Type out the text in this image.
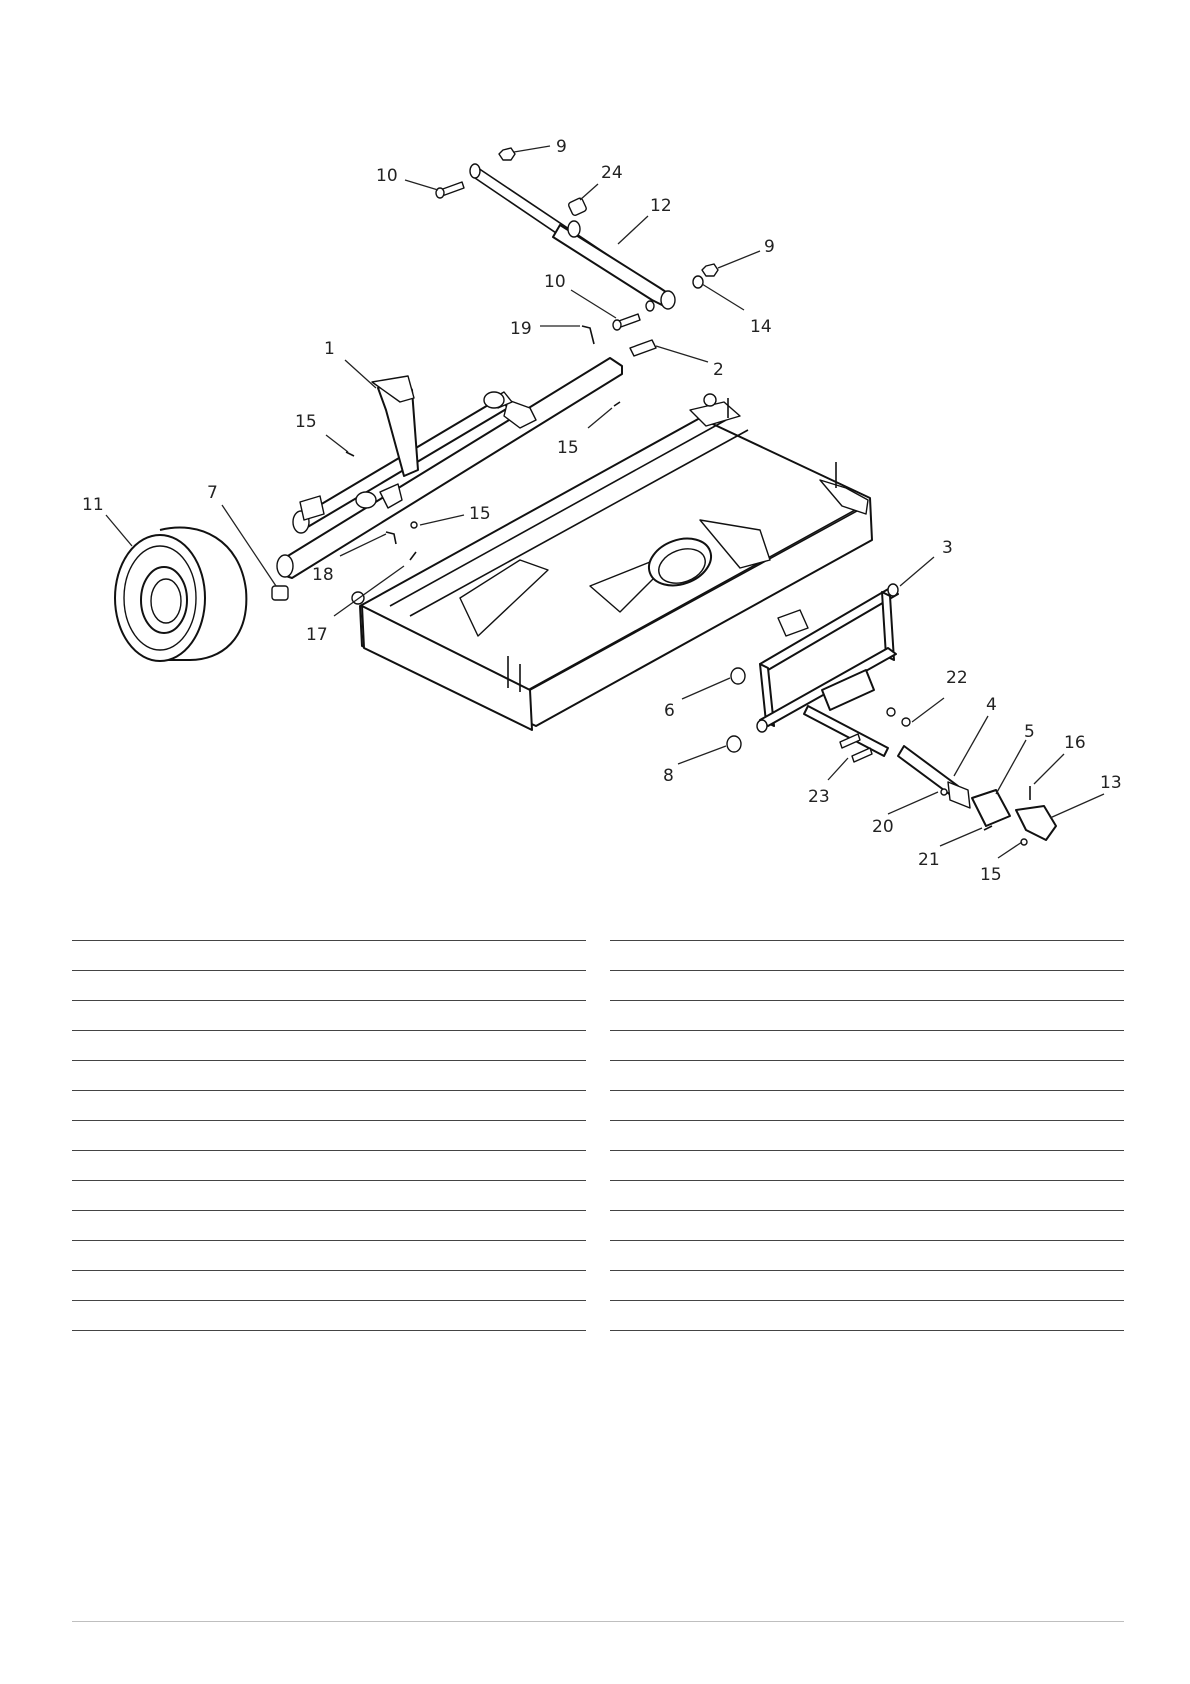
9
10	24
12
9
10
14
19
2
1
15
15
11
7
15
18
17
3
22
4
6
5
16
13
8
23
20
21
15
